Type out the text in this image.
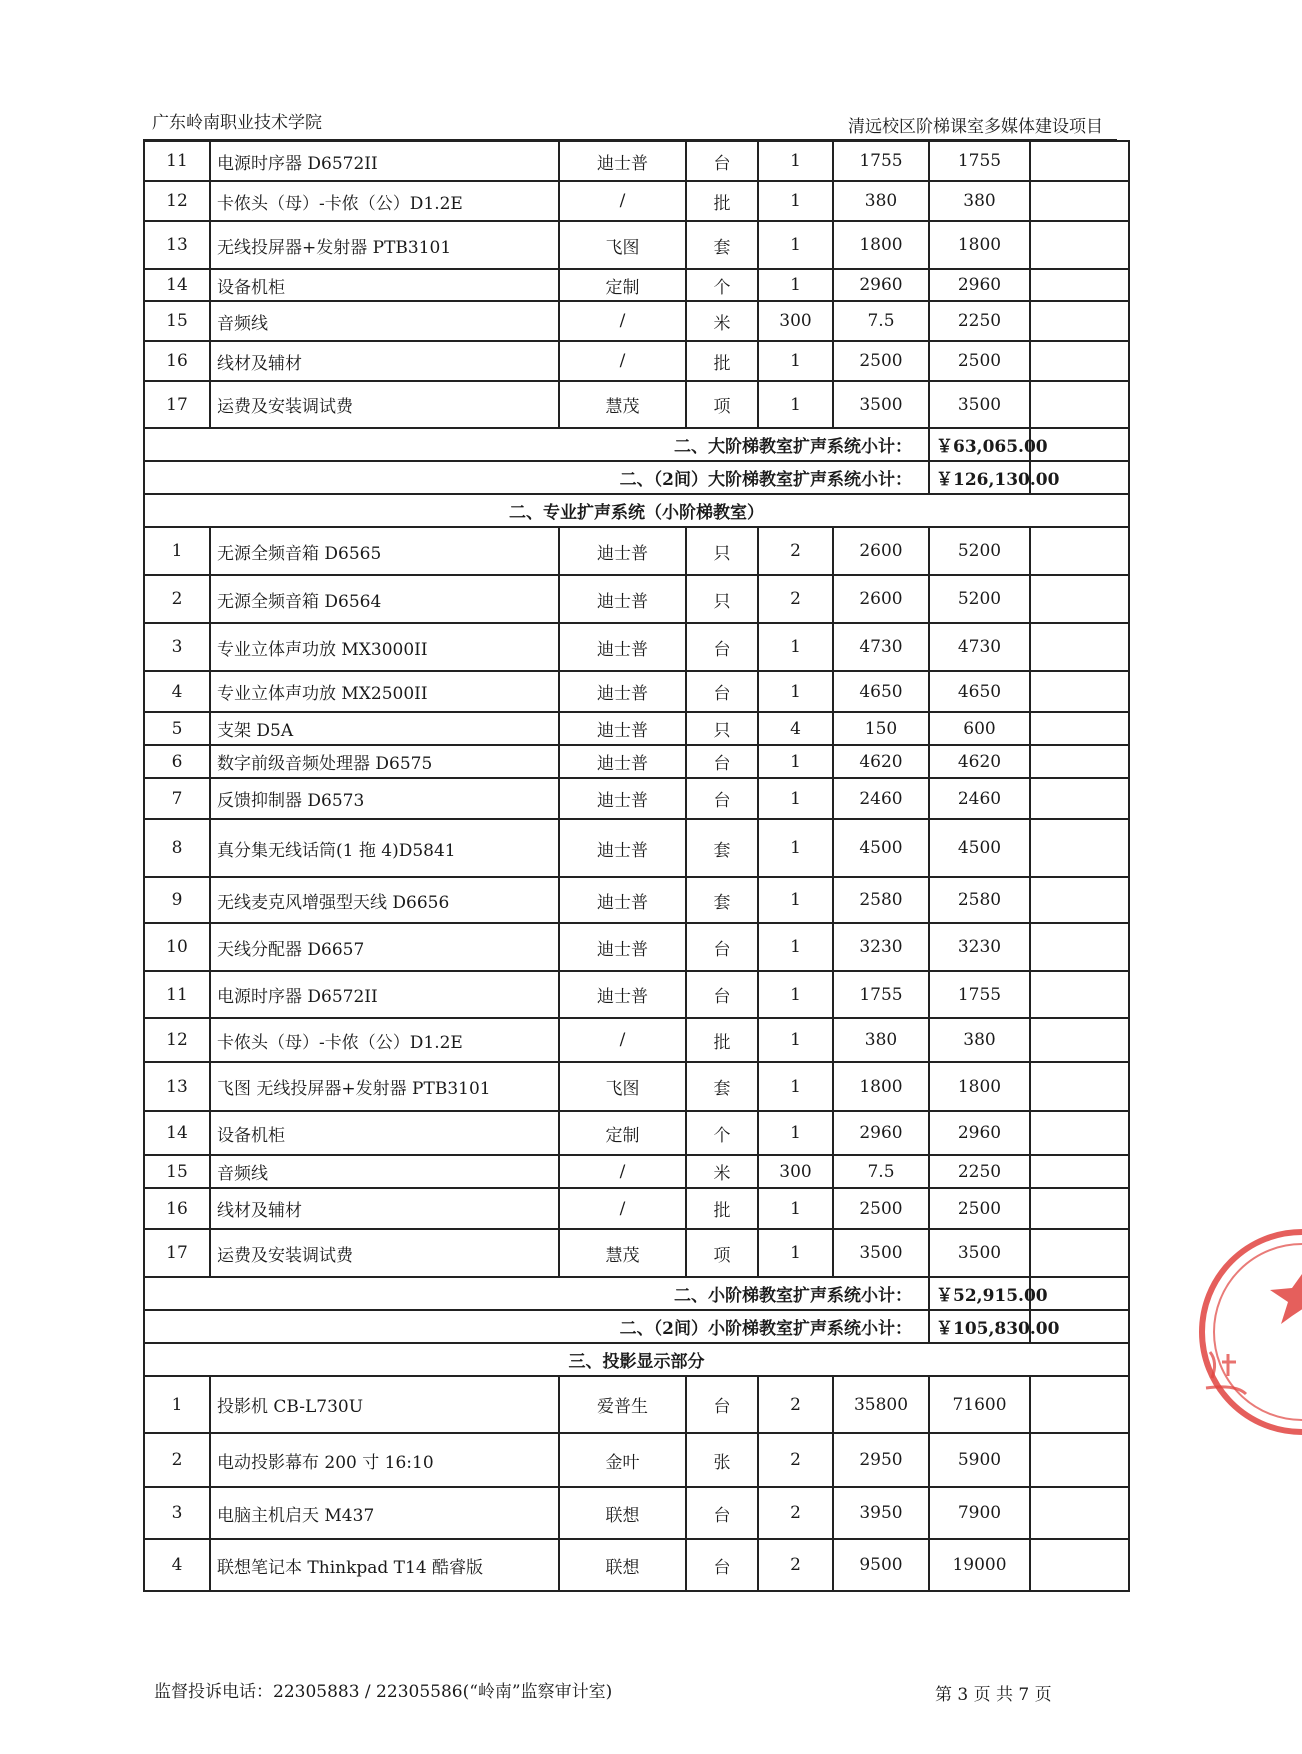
广东岭南职业技术学院	清远校区阶梯课室多媒体建设项目
11	电源时序器 D6572II	迪士普	台	1	1755	1755	
12	卡侬头（母）-卡侬（公）D1.2E	/	批	1	380	380	
13	无线投屏器+发射器 PTB3101	飞图	套	1	1800	1800	
14	设备机柜	定制	个	1	2960	2960	
15	音频线	/	米	300	7.5	2250	
16	线材及辅材	/	批	1	2500	2500	
17	运费及安装调试费	慧茂	项	1	3500	3500	
二、大阶梯教室扩声系统小计：						￥63,065.00	
二、（2间）大阶梯教室扩声系统小计：						￥126,130.00	
二、专业扩声系统（小阶梯教室）							
1	无源全频音箱 D6565	迪士普	只	2	2600	5200	
2	无源全频音箱 D6564	迪士普	只	2	2600	5200	
3	专业立体声功放 MX3000II	迪士普	台	1	4730	4730	
4	专业立体声功放 MX2500II	迪士普	台	1	4650	4650	
5	支架 D5A	迪士普	只	4	150	600	
6	数字前级音频处理器 D6575	迪士普	台	1	4620	4620	
7	反馈抑制器 D6573	迪士普	台	1	2460	2460	
8	真分集无线话筒(1 拖 4)D5841	迪士普	套	1	4500	4500	
9	无线麦克风增强型天线 D6656	迪士普	套	1	2580	2580	
10	天线分配器 D6657	迪士普	台	1	3230	3230	
11	电源时序器 D6572II	迪士普	台	1	1755	1755	
12	卡侬头（母）-卡侬（公）D1.2E	/	批	1	380	380	
13	飞图 无线投屏器+发射器 PTB3101	飞图	套	1	1800	1800	
14	设备机柜	定制	个	1	2960	2960	
15	音频线	/	米	300	7.5	2250	
16	线材及辅材	/	批	1	2500	2500	
17	运费及安装调试费	慧茂	项	1	3500	3500	
二、小阶梯教室扩声系统小计：						￥52,915.00	
二、（2间）小阶梯教室扩声系统小计：						￥105,830.00	
三、投影显示部分							
1	投影机 CB-L730U	爱普生	台	2	35800	71600	
2	电动投影幕布 200 寸 16:10	金叶	张	2	2950	5900	
3	电脑主机启天 M437	联想	台	2	3950	7900	
4	联想笔记本 Thinkpad T14 酷睿版	联想	台	2	9500	19000	
监督投诉电话：22305883 / 22305586(“岭南”监察审计室)	第 3 页 共 7 页
